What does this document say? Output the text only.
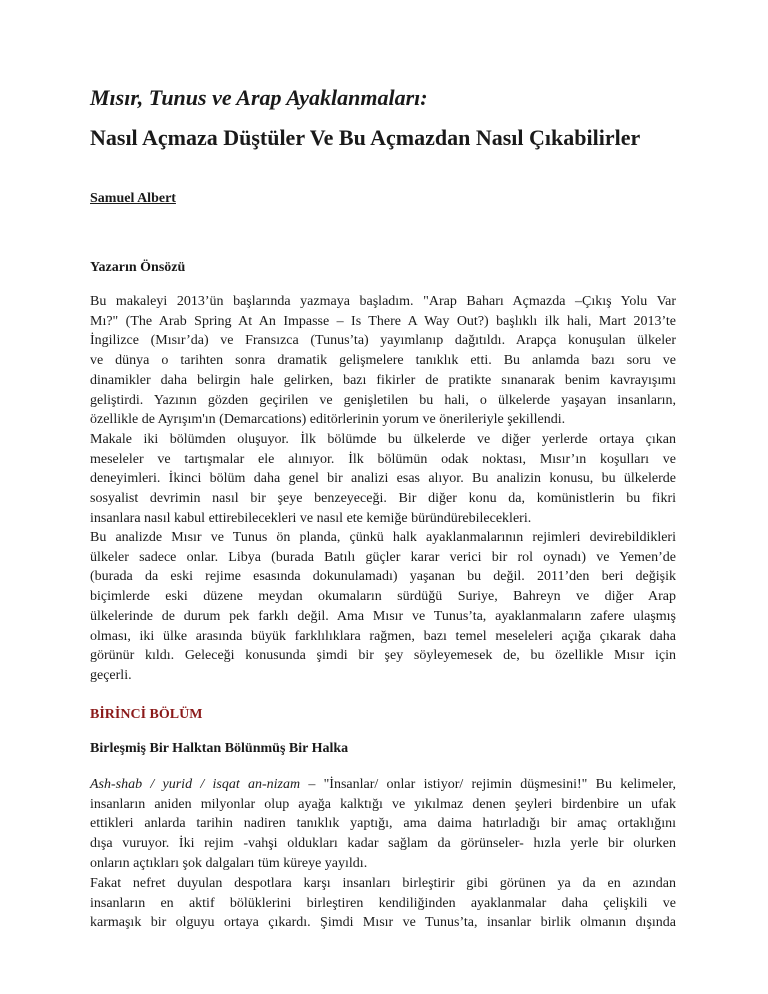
Mısır, Tunus ve Arap Ayaklanmaları:
Nasıl Açmaza Düştüler Ve Bu Açmazdan Nasıl Çıkabilirler
Samuel Albert
Yazarın Önsözü

Bu makaleyi 2013’ün başlarında yazmaya başladım. "Arap Baharı Açmazda –Çıkış Yolu Var
Mı?" (The Arab Spring At An Impasse – Is There A Way Out?) başlıklı ilk hali, Mart 2013’te
İngilizce (Mısır’da) ve Fransızca (Tunus’ta) yayımlanıp dağıtıldı. Arapça konuşulan ülkeler
ve dünya o tarihten sonra dramatik gelişmelere tanıklık etti. Bu anlamda bazı soru ve
dinamikler daha belirgin hale gelirken, bazı fikirler de pratikte sınanarak benim kavrayışımı
geliştirdi. Yazının gözden geçirilen ve genişletilen bu hali, o ülkelerde yaşayan insanların,
özellikle de Ayrışım'ın (Demarcations) editörlerinin yorum ve önerileriyle şekillendi.

Makale iki bölümden oluşuyor. İlk bölümde bu ülkelerde ve diğer yerlerde ortaya çıkan
meseleler ve tartışmalar ele alınıyor. İlk bölümün odak noktası, Mısır’ın koşulları ve
deneyimleri. İkinci bölüm daha genel bir analizi esas alıyor. Bu analizin konusu, bu ülkelerde
sosyalist devrimin nasıl bir şeye benzeyeceği. Bir diğer konu da, komünistlerin bu fikri
insanlara nasıl kabul ettirebilecekleri ve nasıl ete kemiğe büründürebilecekleri.

Bu analizde Mısır ve Tunus ön planda, çünkü halk ayaklanmalarının rejimleri devirebildikleri
ülkeler sadece onlar. Libya (burada Batılı güçler karar verici bir rol oynadı) ve Yemen’de
(burada da eski rejime esasında dokunulamadı) yaşanan bu değil. 2011’den beri değişik
biçimlerde eski düzene meydan okumaların sürdüğü Suriye, Bahreyn ve diğer Arap
ülkelerinde de durum pek farklı değil. Ama Mısır ve Tunus’ta, ayaklanmaların zafere ulaşmış
olması, iki ülke arasında büyük farklılıklara rağmen, bazı temel meseleleri açığa çıkarak daha
görünür kıldı. Geleceği konusunda şimdi bir şey söyleyemesek de, bu özellikle Mısır için
geçerli.

BİRİNCİ BÖLÜM
Birleşmiş Bir Halktan Bölünmüş Bir Halka

Ash-shab / yurid / isqat an-nizam – "İnsanlar/ onlar istiyor/ rejimin düşmesini!" Bu kelimeler,
insanların aniden milyonlar olup ayağa kalktığı ve yıkılmaz denen şeyleri birdenbire un ufak
ettikleri anlarda tarihin nadiren tanıklık yaptığı, ama daima hatırladığı bir amaç ortaklığını
dışa vuruyor. İki rejim -vahşi oldukları kadar sağlam da görünseler- hızla yerle bir olurken
onların açtıkları şok dalgaları tüm küreye yayıldı.

Fakat nefret duyulan despotlara karşı insanları birleştirir gibi görünen ya da en azından
insanların en aktif bölüklerini birleştiren kendiliğinden ayaklanmalar daha çelişkili ve
karmaşık bir olguyu ortaya çıkardı. Şimdi Mısır ve Tunus’ta, insanlar birlik olmanın dışında
